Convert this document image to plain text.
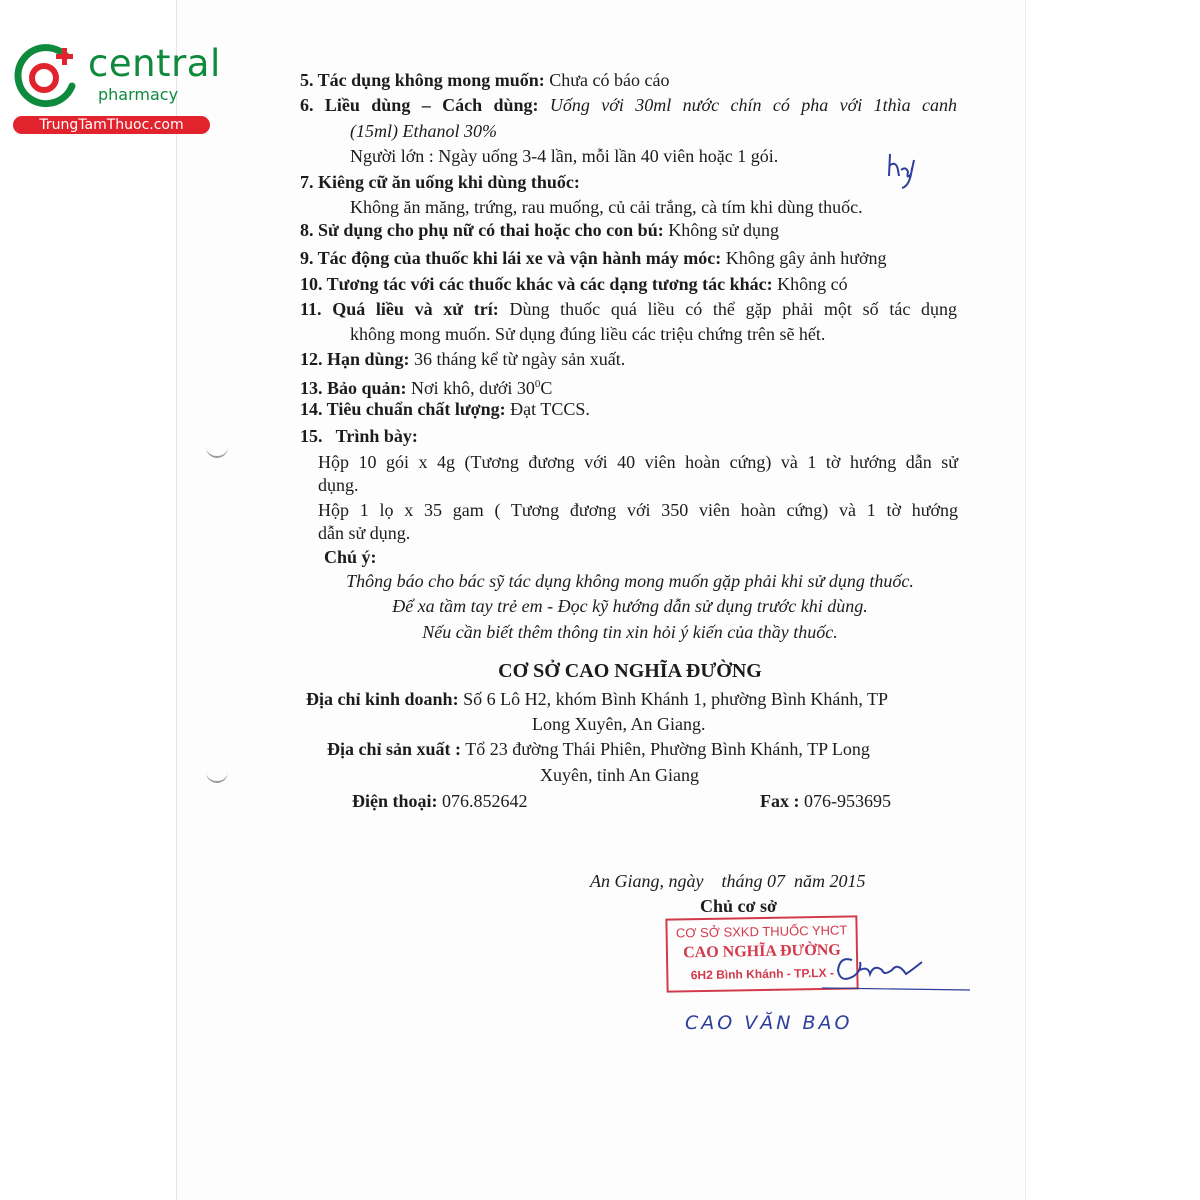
central
pharmacy
TrungTamThuoc.com
5. Tác dụng không mong muốn: Chưa có báo cáo
6. Liều dùng – Cách dùng: Uống với 30ml nước chín có pha với 1thìa canh
(15ml) Ethanol 30%
Người lớn : Ngày uống 3-4 lần, mỗi lần 40 viên hoặc 1 gói.
7. Kiêng cữ ăn uống khi dùng thuốc:
Không ăn măng, trứng, rau muống, củ cải trắng, cà tím khi dùng thuốc.
8. Sử dụng cho phụ nữ có thai hoặc cho con bú: Không sử dụng
9. Tác động của thuốc khi lái xe và vận hành máy móc: Không gây ảnh hưởng
10. Tương tác với các thuốc khác và các dạng tương tác khác: Không có
11. Quá liều và xử trí: Dùng thuốc quá liều có thể gặp phải một số tác dụng
không mong muốn. Sử dụng đúng liều các triệu chứng trên sẽ hết.
12. Hạn dùng: 36 tháng kể từ ngày sản xuất.
13. Bảo quản: Nơi khô, dưới $30^0C$
14. Tiêu chuẩn chất lượng: Đạt TCCS.
15.   Trình bày:
Hộp 10 gói x 4g (Tương đương với 40 viên hoàn cứng) và 1 tờ hướng dẫn sử
dụng.
Hộp 1 lọ x 35 gam ( Tương đương với 350 viên hoàn cứng) và 1 tờ hướng
dẫn sử dụng.
Chú ý:
Thông báo cho bác sỹ tác dụng không mong muốn gặp phải khi sử dụng thuốc.
Để xa tầm tay trẻ em - Đọc kỹ hướng dẫn sử dụng trước khi dùng.
Nếu cần biết thêm thông tin xin hỏi ý kiến của thầy thuốc.
CƠ SỞ CAO NGHĨA ĐƯỜNG
Địa chỉ kinh doanh: Số 6 Lô H2, khóm Bình Khánh 1, phường Bình Khánh, TP
Long Xuyên, An Giang.
Địa chỉ sản xuất : Tổ 23 đường Thái Phiên, Phường Bình Khánh, TP Long
Xuyên, tỉnh An Giang
Điện thoại: 076.852642	Fax : 076-953695
An Giang, ngày    tháng 07  năm 2015
Chủ cơ sở
CƠ SỞ SXKD THUỐC YHCT
CAO NGHĨA ĐƯỜNG
6H2 Bình Khánh - TP.LX -
CAO VĂN BAO
